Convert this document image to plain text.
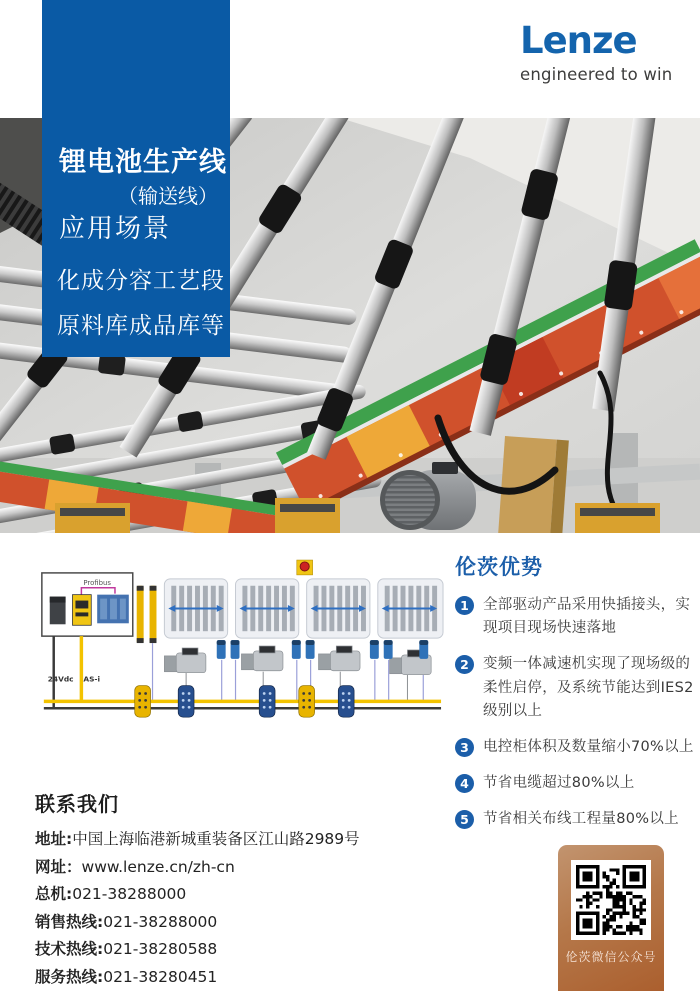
Lenze
engineered to win
锂电池生产线
（输送线）
应用场景
化成分容工艺段
原料库成品库等
Profibus
24Vdc AS-i
伦茨优势
1 全部驱动产品采用快插接头，实现项目现场快速落地
2 变频一体减速机实现了现场级的柔性启停，及系统节能达到IES2级别以上
3 电控柜体积及数量缩小70%以上
4 节省电缆超过80%以上
5 节省相关布线工程量80%以上
联系我们
地址:中国上海临港新城重装备区江山路2989号
网址：www.lenze.cn/zh-cn
总机:021-38288000
销售热线:021-38288000
技术热线:021-38280588
服务热线:021-38280451
伦茨微信公众号
